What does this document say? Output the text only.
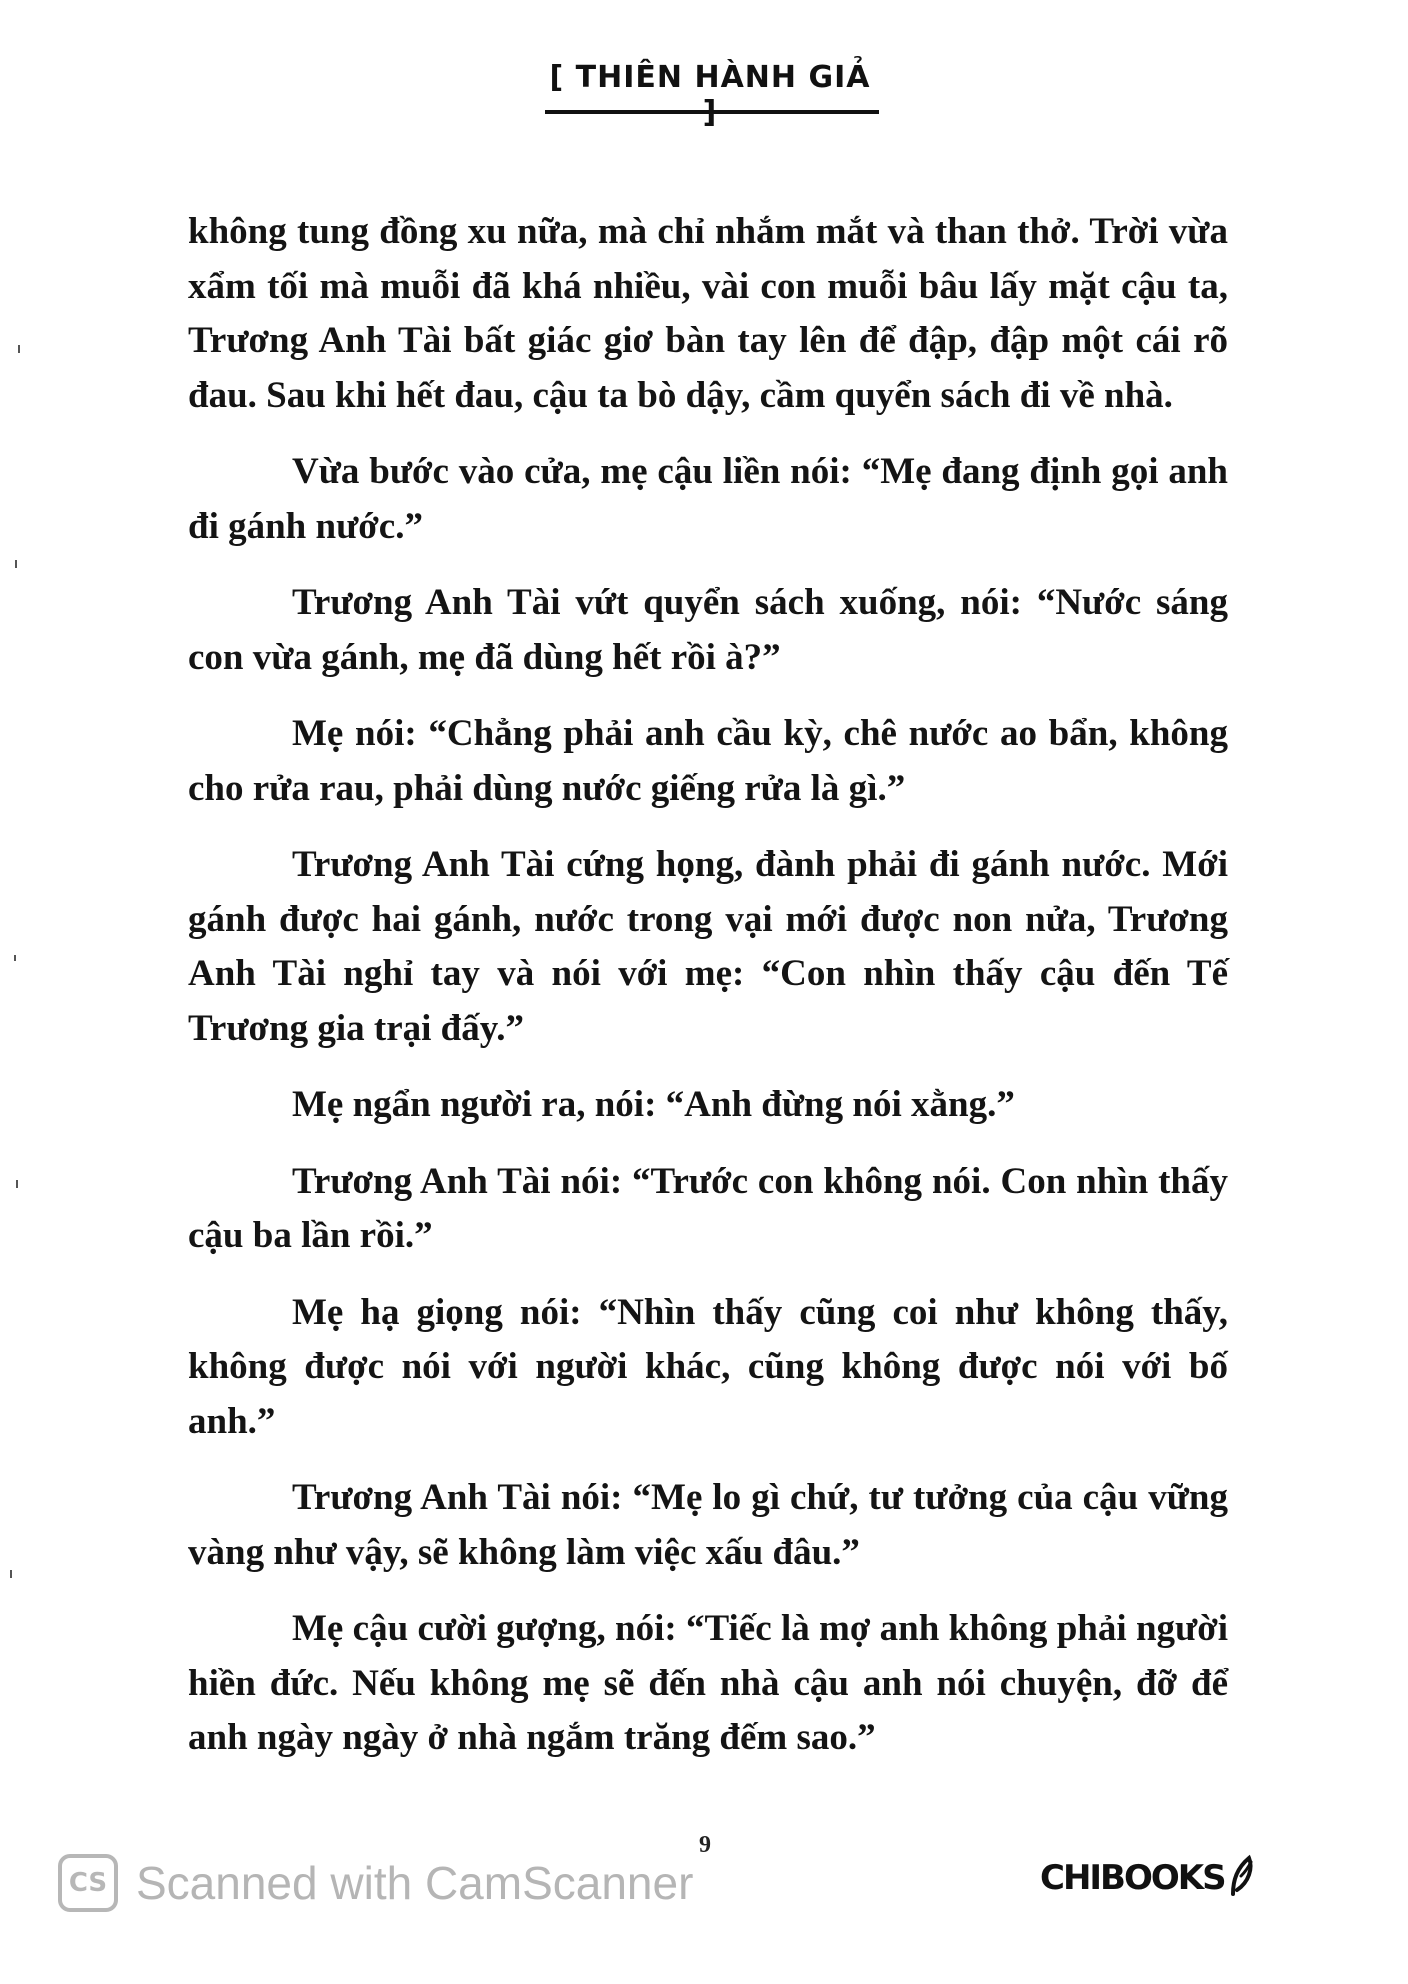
[ THIÊN HÀNH GIẢ

không tung đồng xu nữa, mà chỉ nhắm mắt và than thở. Trời vừa xẩm tối mà muỗi đã khá nhiều, vài con muỗi bâu lấy mặt cậu ta, Trương Anh Tài bất giác giơ bàn tay lên để đập, đập một cái rõ đau. Sau khi hết đau, cậu ta bò dậy, cầm quyển sách đi về nhà.

Vừa bước vào cửa, mẹ cậu liền nói: “Mẹ đang định gọi anh đi gánh nước.”

Trương Anh Tài vứt quyển sách xuống, nói: “Nước sáng con vừa gánh, mẹ đã dùng hết rồi à?”

Mẹ nói: “Chẳng phải anh cầu kỳ, chê nước ao bẩn, không cho rửa rau, phải dùng nước giếng rửa là gì.”

Trương Anh Tài cứng họng, đành phải đi gánh nước. Mới gánh được hai gánh, nước trong vại mới được non nửa, Trương Anh Tài nghỉ tay và nói với mẹ: “Con nhìn thấy cậu đến Tế Trương gia trại đấy.”

Mẹ ngẩn người ra, nói: “Anh đừng nói xằng.”

Trương Anh Tài nói: “Trước con không nói. Con nhìn thấy cậu ba lần rồi.”

Mẹ hạ giọng nói: “Nhìn thấy cũng coi như không thấy, không được nói với người khác, cũng không được nói với bố anh.”

Trương Anh Tài nói: “Mẹ lo gì chứ, tư tưởng của cậu vững vàng như vậy, sẽ không làm việc xấu đâu.”

Mẹ cậu cười gượng, nói: “Tiếc là mợ anh không phải người hiền đức. Nếu không mẹ sẽ đến nhà cậu anh nói chuyện, đỡ để anh ngày ngày ở nhà ngắm trăng đếm sao.”

9
CS Scanned with CamScanner	CHIBOOKS
